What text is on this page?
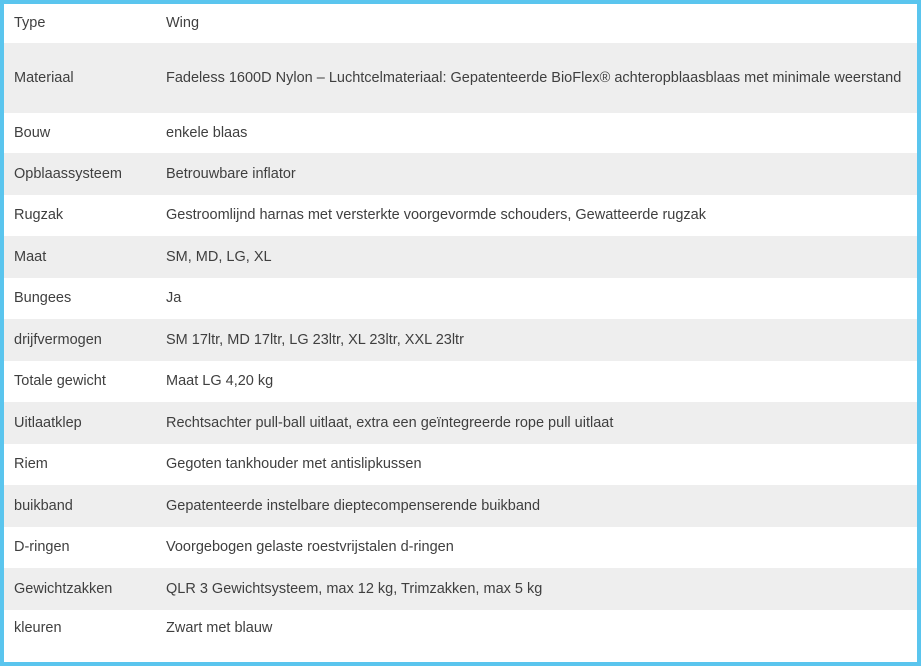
Type	Wing
Materiaal	Fadeless 1600D Nylon – Luchtcelmateriaal: Gepatenteerde BioFlex® achteropblaasblaas met minimale weerstand
Bouw	enkele blaas
Opblaassysteem	Betrouwbare inflator
Rugzak	Gestroomlijnd harnas met versterkte voorgevormde schouders, Gewatteerde rugzak
Maat	SM, MD, LG, XL
Bungees	Ja
drijfvermogen	SM 17ltr, MD 17ltr, LG 23ltr, XL 23ltr, XXL 23ltr
Totale gewicht	Maat LG 4,20 kg
Uitlaatklep	Rechtsachter pull-ball uitlaat, extra een geïntegreerde rope pull uitlaat
Riem	Gegoten tankhouder met antislipkussen
buikband	Gepatenteerde instelbare dieptecompenserende buikband
D-ringen	Voorgebogen gelaste roestvrijstalen d-ringen
Gewichtzakken	QLR 3 Gewichtsysteem, max 12 kg, Trimzakken, max 5 kg
kleuren	Zwart met blauw
